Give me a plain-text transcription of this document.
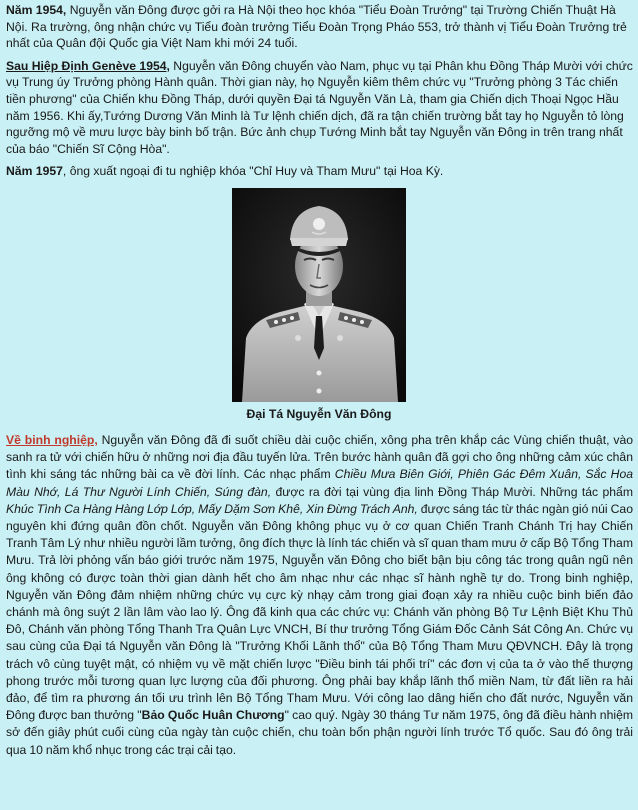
Năm 1954, Nguyễn văn Đông được gởi ra Hà Nội theo học khóa "Tiểu Đoàn Trưởng" tại Trường Chiến Thuật Hà Nội. Ra trường, ông nhận chức vụ Tiểu đoàn trưởng Tiểu Đoàn Trọng Pháo 553, trở thành vị Tiểu Đoàn Trưởng trẻ nhất của Quân đội Quốc gia Việt Nam khi mới 24 tuổi.

Sau Hiệp Định Genève 1954, Nguyễn văn Đông chuyển vào Nam, phục vụ tại Phân khu Đồng Tháp Mười với chức vụ Trung úy Trưởng phòng Hành quân. Thời gian này, họ Nguyễn kiêm thêm chức vụ "Trưởng phòng 3 Tác chiến tiền phương" của Chiến khu Đồng Tháp, dưới quyền Đại tá Nguyễn Văn Là, tham gia Chiến dịch Thoại Ngọc Hầu năm 1956. Khi ấy,Tướng Dương Văn Minh là Tư lệnh chiến dịch, đã ra tận chiến trường bắt tay họ Nguyễn tỏ lòng ngưỡng mộ về mưu lược bày binh bố trận. Bức ảnh chụp Tướng Minh bắt tay Nguyễn văn Đông in trên trang nhất của báo "Chiến Sĩ Cộng Hòa".

Năm 1957, ông xuất ngoại đi tu nghiệp khóa "Chỉ Huy và Tham Mưu" tại Hoa Kỳ.

Đại Tá Nguyễn Văn Đông

Về binh nghiệp, Nguyễn văn Đông đã đi suốt chiều dài cuộc chiến, xông pha trên khắp các Vùng chiến thuật, vào sanh ra tử với chiến hữu ở những nơi địa đầu tuyến lửa. Trên bước hành quân đã gợi cho ông những cảm xúc chân tình khi sáng tác những bài ca về đời lính. Các nhạc phẩm Chiều Mưa Biên Giới, Phiên Gác Đêm Xuân, Sắc Hoa Màu Nhớ, Lá Thư Người Lính Chiến, Súng đàn, được ra đời tại vùng địa linh Đồng Tháp Mười. Những tác phẩm Khúc Tình Ca Hàng Hàng Lớp Lớp, Mấy Dặm Sơn Khê, Xin Đừng Trách Anh, được sáng tác từ thác ngàn gió núi Cao nguyên khi đứng quân đồn chốt. Nguyễn văn Đông không phục vụ ở cơ quan Chiến Tranh Chánh Trị hay Chiến Tranh Tâm Lý như nhiều người lầm tưởng, ông đích thực là lính tác chiến và sĩ quan tham mưu ở cấp Bộ Tổng Tham Mưu. Trả lời phỏng vấn báo giới trước năm 1975, Nguyễn văn Đông cho biết bận bịu công tác trong quân ngũ nên ông không có được toàn thời gian dành hết cho âm nhạc như các nhạc sĩ hành nghề tự do. Trong binh nghiệp, Nguyễn văn Đông đảm nhiệm những chức vụ cực kỳ nhạy cảm trong giai đoạn xảy ra nhiều cuộc binh biến đảo chánh mà ông suýt 2 lần lâm vào lao lý. Ông đã kinh qua các chức vụ: Chánh văn phòng Bộ Tư Lệnh Biệt Khu Thủ Đô, Chánh văn phòng Tổng Thanh Tra Quân Lực VNCH, Bí thư trưởng Tổng Giám Đốc Cảnh Sát Công An. Chức vụ sau cùng của Đại tá Nguyễn văn Đông là "Trưởng Khối Lãnh thổ" của Bộ Tổng Tham Mưu QĐVNCH. Đây là trọng trách vô cùng tuyệt mật, có nhiệm vụ về mặt chiến lược "Điều binh tái phối trí" các đơn vị của ta ở vào thế thượng phong trước mỗi tương quan lực lượng của đối phương. Ông phải bay khắp lãnh thổ miền Nam, từ đất liền ra hải đảo, để tìm ra phương án tối ưu trình lên Bộ Tổng Tham Mưu. Với công lao dâng hiến cho đất nước, Nguyễn văn Đông được ban thưởng "Bảo Quốc Huân Chương" cao quý. Ngày 30 tháng Tư năm 1975, ông đã điều hành nhiệm sở đến giây phút cuối cùng của ngày tàn cuộc chiến, chu toàn bổn phận người lính trước Tổ quốc. Sau đó ông trải qua 10 năm khổ nhục trong các trại cải tạo.
